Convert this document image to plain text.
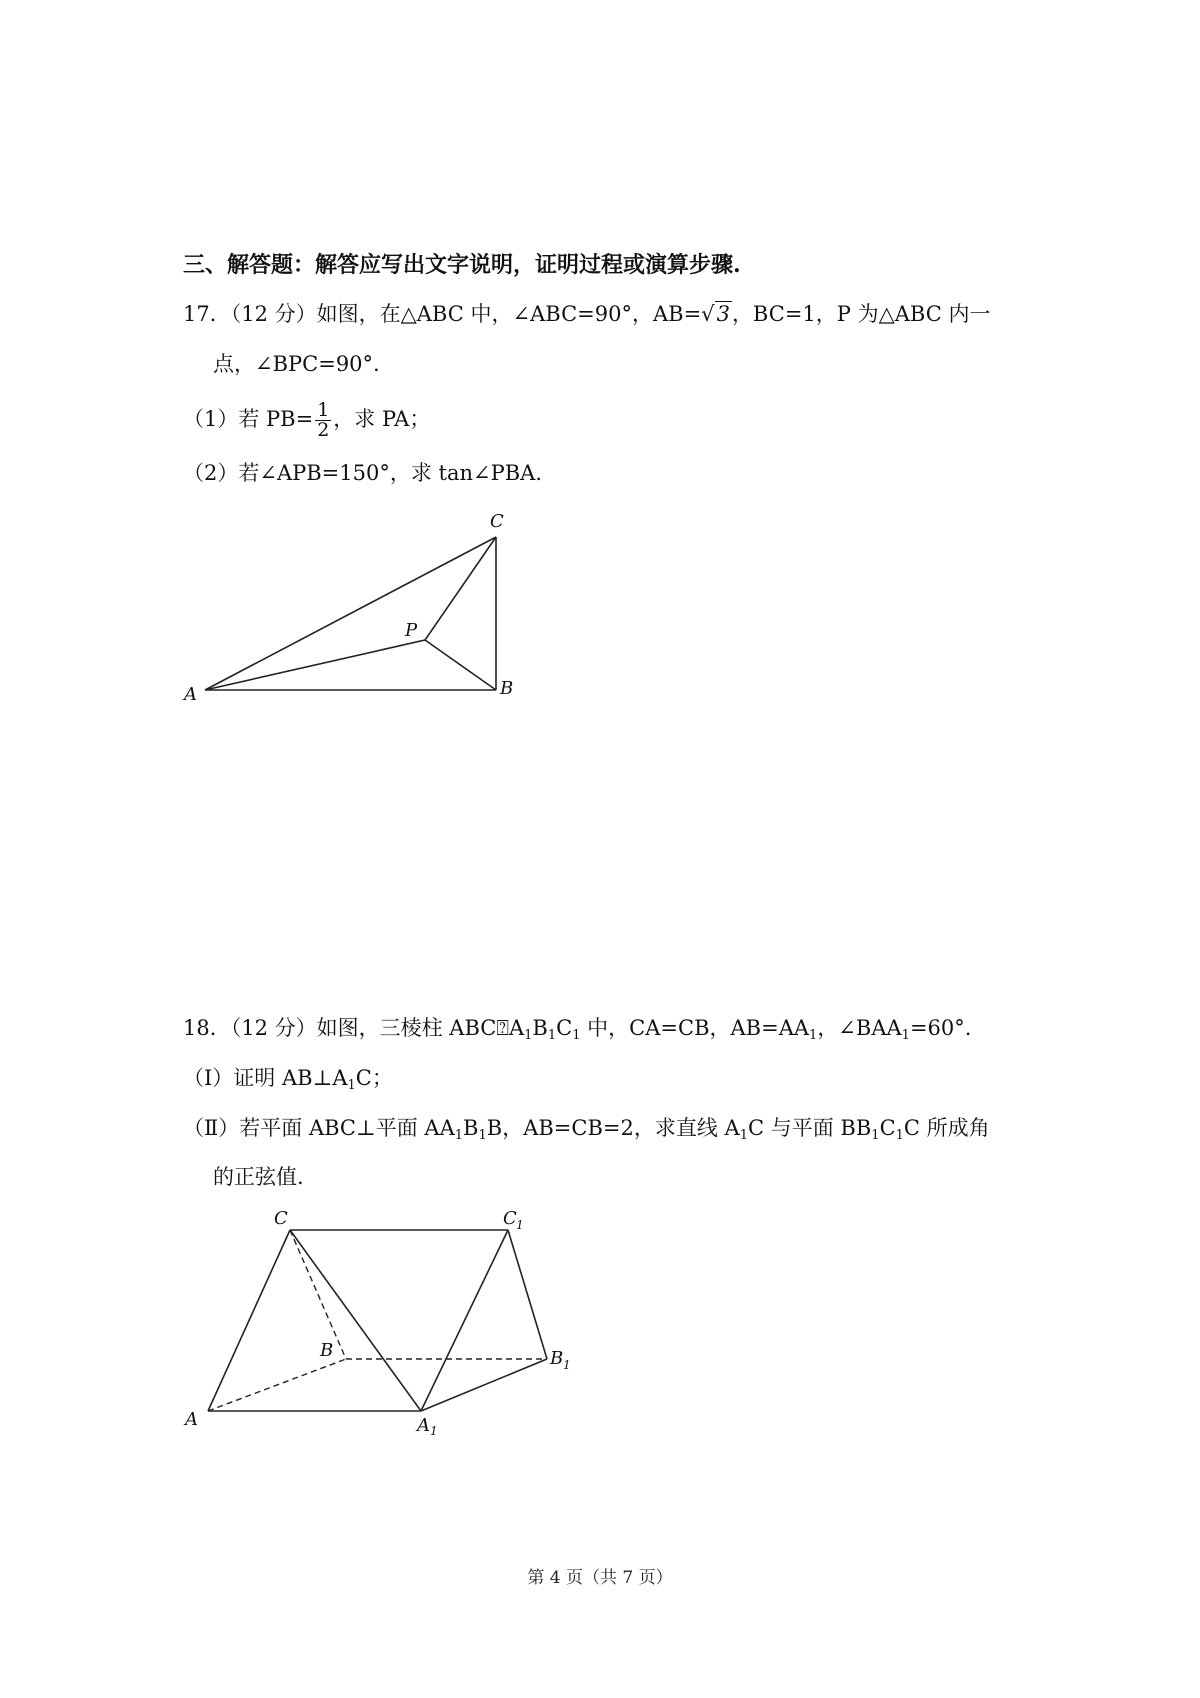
三、解答题：解答应写出文字说明，证明过程或演算步骤.
17．（12 分）如图，在△ABC 中，∠ABC=90°，AB=√3，BC=1，P 为△ABC 内一
点，∠BPC=90°.
（1）若 $PB= \frac{1}{2}$ ，求 PA；
（2）若∠APB=150°，求 tan∠PBA.
A	B
C
P
18．（12 分）如图，三棱柱 $ABC⍰A_1B_1C_1$ 中，CA=CB，$AB=AA_1$，$\angle BAA_1=60^\circ$.
（Ⅰ）证明 $AB\perp A_1C$；
（Ⅱ）若平面 ABC⊥平面 $AA_1B_1B$，AB=CB=2，求直线 $A_1C$ 与平面 $BB_1C_1C$ 所成角
的正弦值.
A
B
C
A 1
B 1
C 1
第 4 页（共 7 页）
